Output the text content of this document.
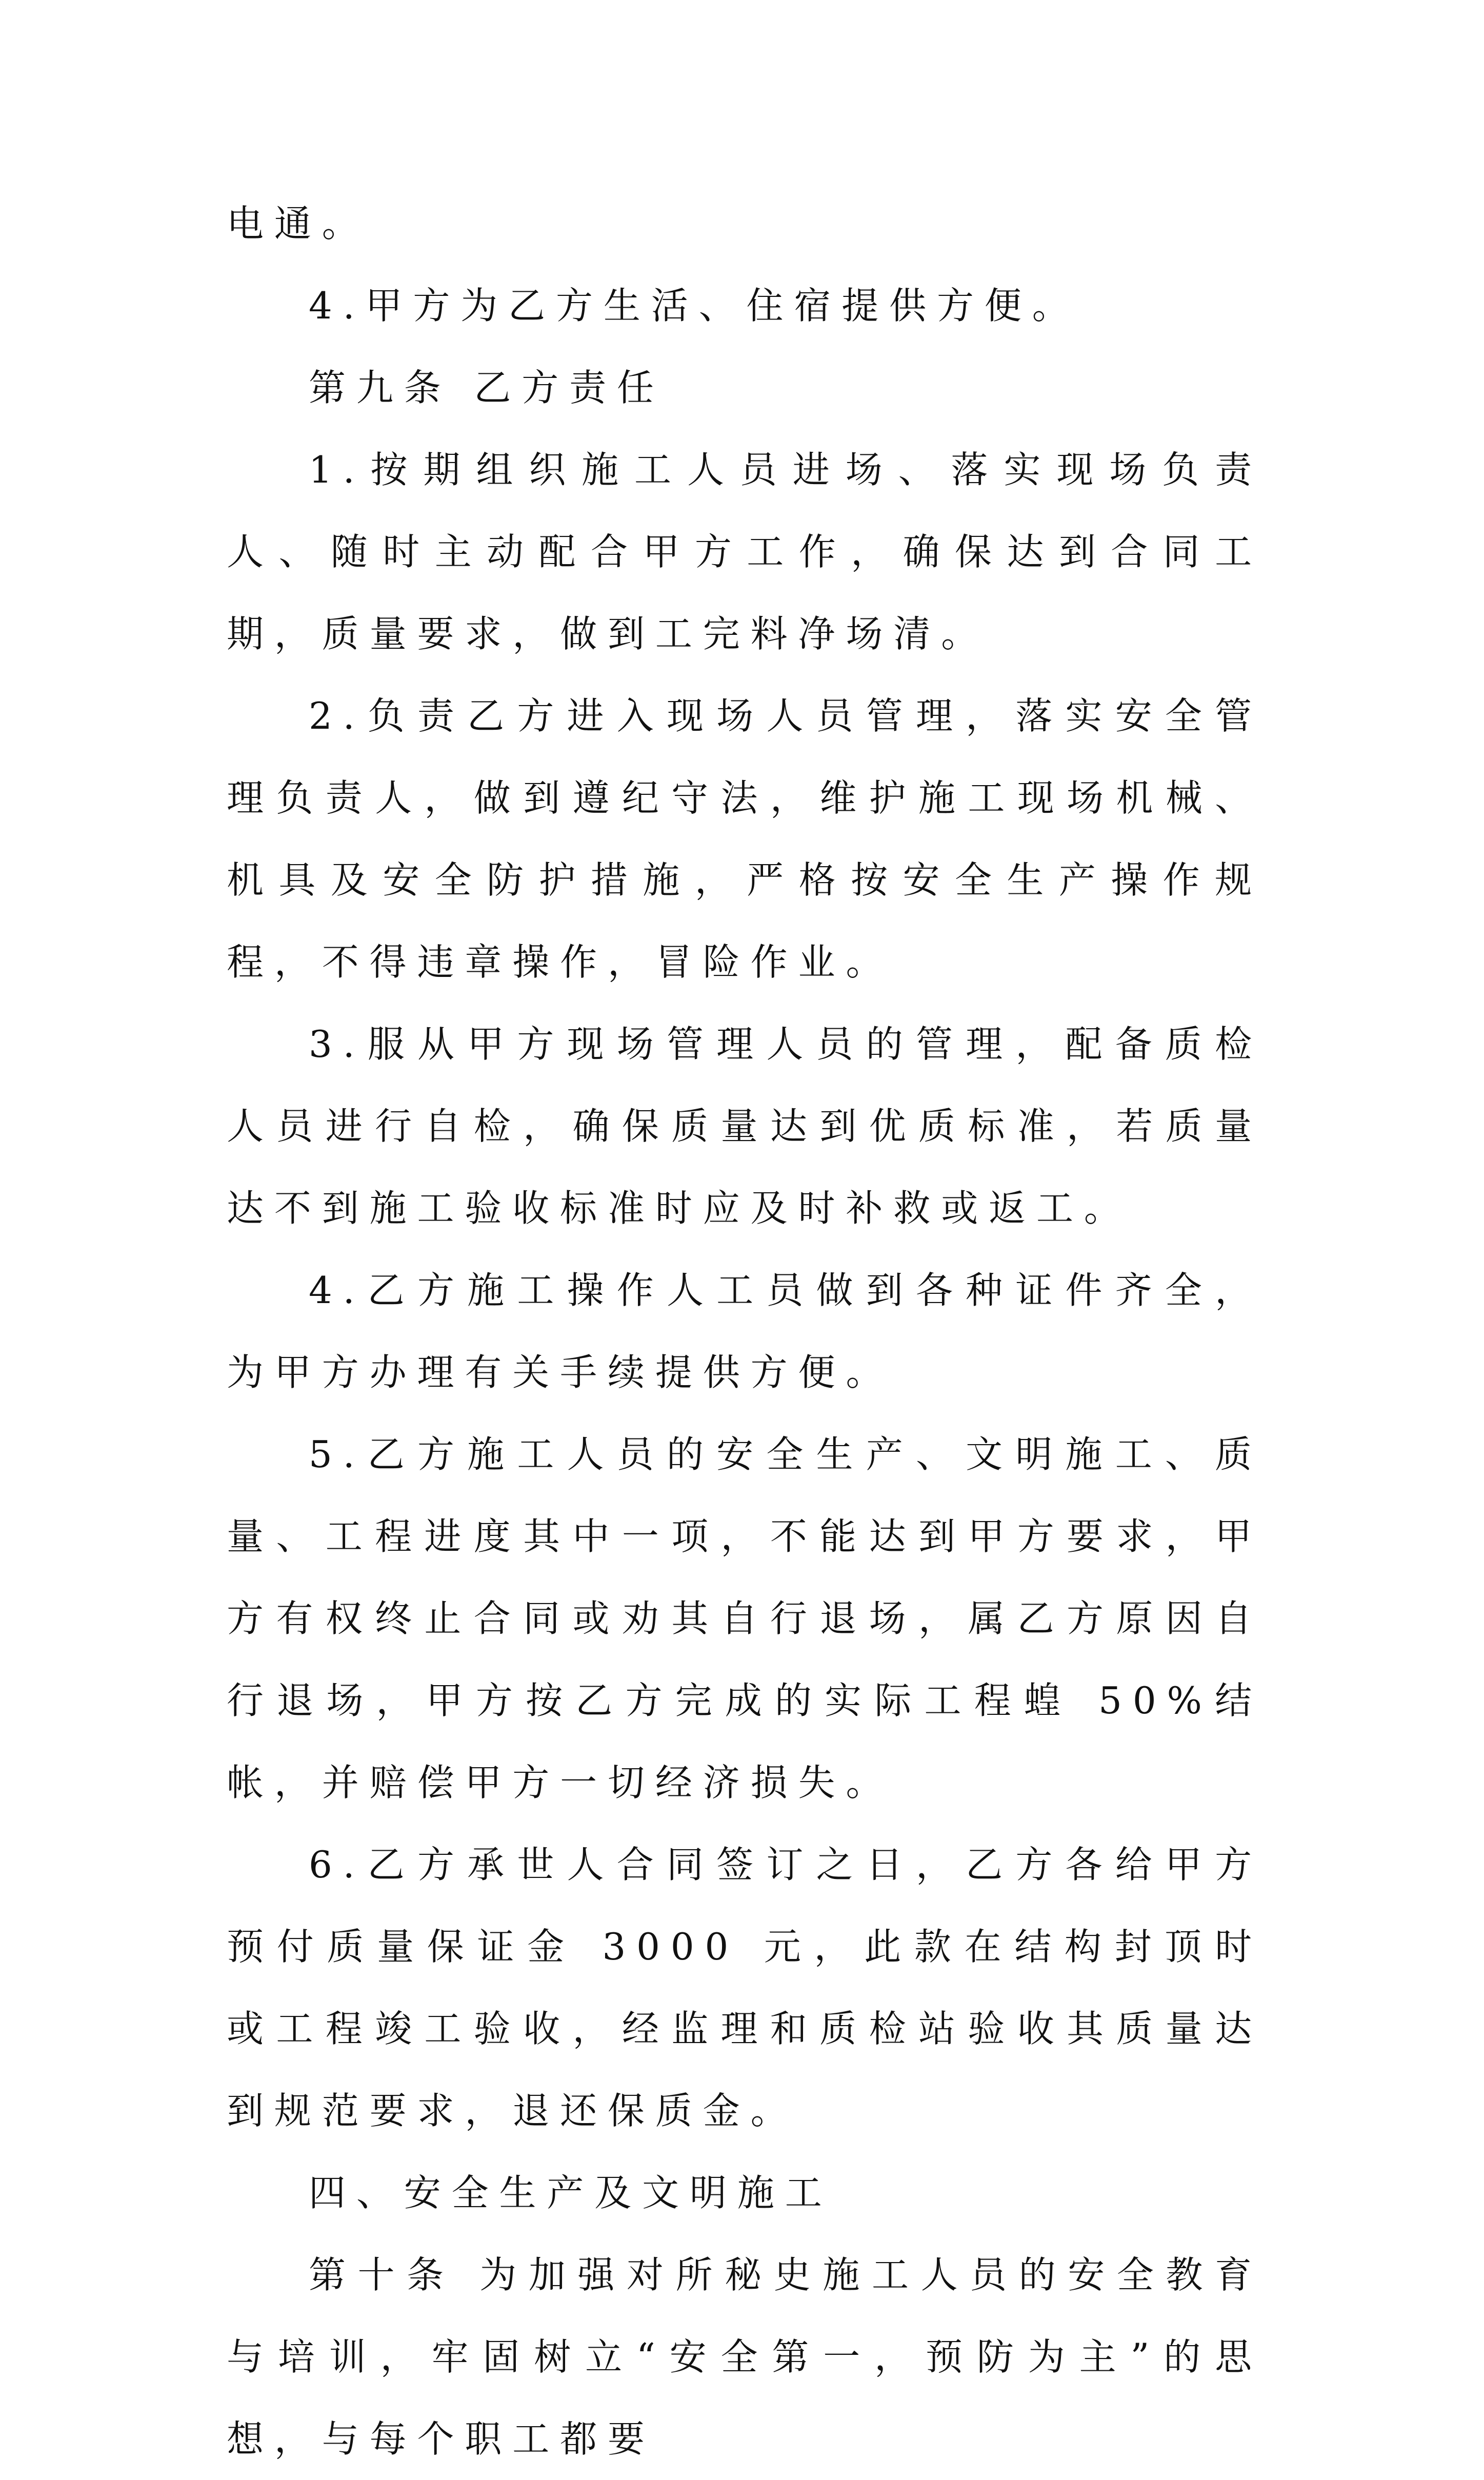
电通。

4.甲方为乙方生活、住宿提供方便。

第九条 乙方责任

1.按期组织施工人员进场、落实现场负责人、随时主动配合甲方工作，确保达到合同工期，质量要求，做到工完料净场清。

2.负责乙方进入现场人员管理，落实安全管理负责人，做到遵纪守法，维护施工现场机械、机具及安全防护措施，严格按安全生产操作规程，不得违章操作，冒险作业。

3.服从甲方现场管理人员的管理，配备质检人员进行自检，确保质量达到优质标准，若质量达不到施工验收标准时应及时补救或返工。

4.乙方施工操作人工员做到各种证件齐全，为甲方办理有关手续提供方便。

5.乙方施工人员的安全生产、文明施工、质量、工程进度其中一项，不能达到甲方要求，甲方有权终止合同或劝其自行退场，属乙方原因自行退场，甲方按乙方完成的实际工程蝗 50%结帐，并赔偿甲方一切经济损失。

6.乙方承世人合同签订之日，乙方各给甲方预付质量保证金 3000 元，此款在结构封顶时或工程竣工验收，经监理和质检站验收其质量达到规范要求，退还保质金。

四、安全生产及文明施工

第十条 为加强对所秘史施工人员的安全教育与培训，牢固树立“安全第一，预防为主”的思想，与每个职工都要
